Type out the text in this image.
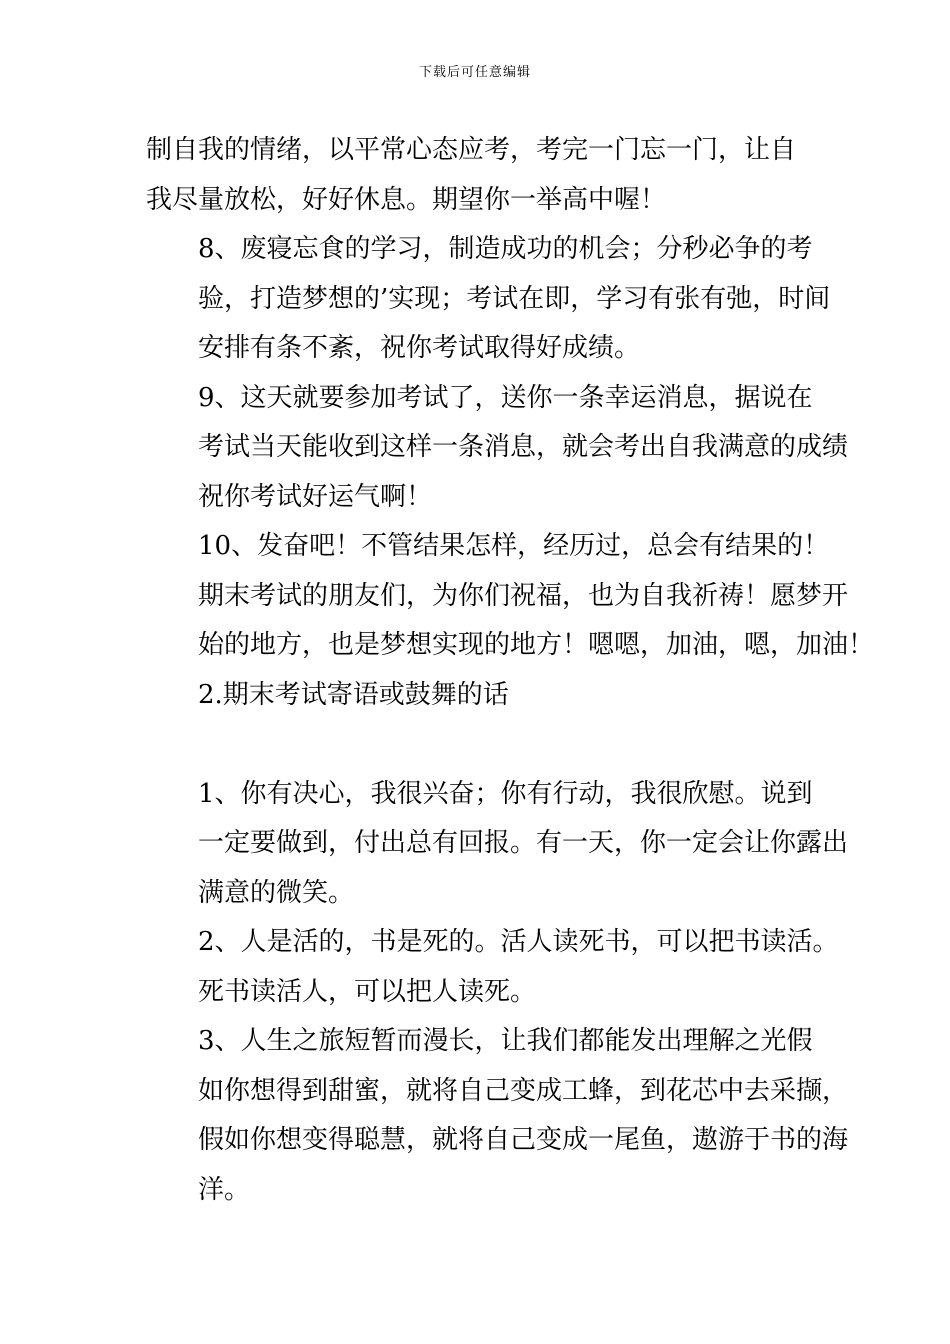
下载后可任意编辑

制自我的情绪，以平常心态应考，考完一门忘一门，让自
我尽量放松，好好休息。期望你一举高中喔！

8、废寝忘食的学习，制造成功的机会；分秒必争的考
验，打造梦想的’实现；考试在即，学习有张有弛，时间
安排有条不紊，祝你考试取得好成绩。

9、这天就要参加考试了，送你一条幸运消息，据说在
考试当天能收到这样一条消息，就会考出自我满意的成绩
祝你考试好运气啊！

10、发奋吧！不管结果怎样，经历过，总会有结果的！
期末考试的朋友们，为你们祝福，也为自我祈祷！愿梦开
始的地方，也是梦想实现的地方！嗯嗯，加油，嗯，加油！

2.期末考试寄语或鼓舞的话

1、你有决心，我很兴奋；你有行动，我很欣慰。说到
一定要做到，付出总有回报。有一天，你一定会让你露出
满意的微笑。

2、人是活的，书是死的。活人读死书，可以把书读活。
死书读活人，可以把人读死。

3、人生之旅短暂而漫长，让我们都能发出理解之光假
如你想得到甜蜜，就将自己变成工蜂，到花芯中去采撷，
假如你想变得聪慧，就将自己变成一尾鱼，遨游于书的海
洋。
